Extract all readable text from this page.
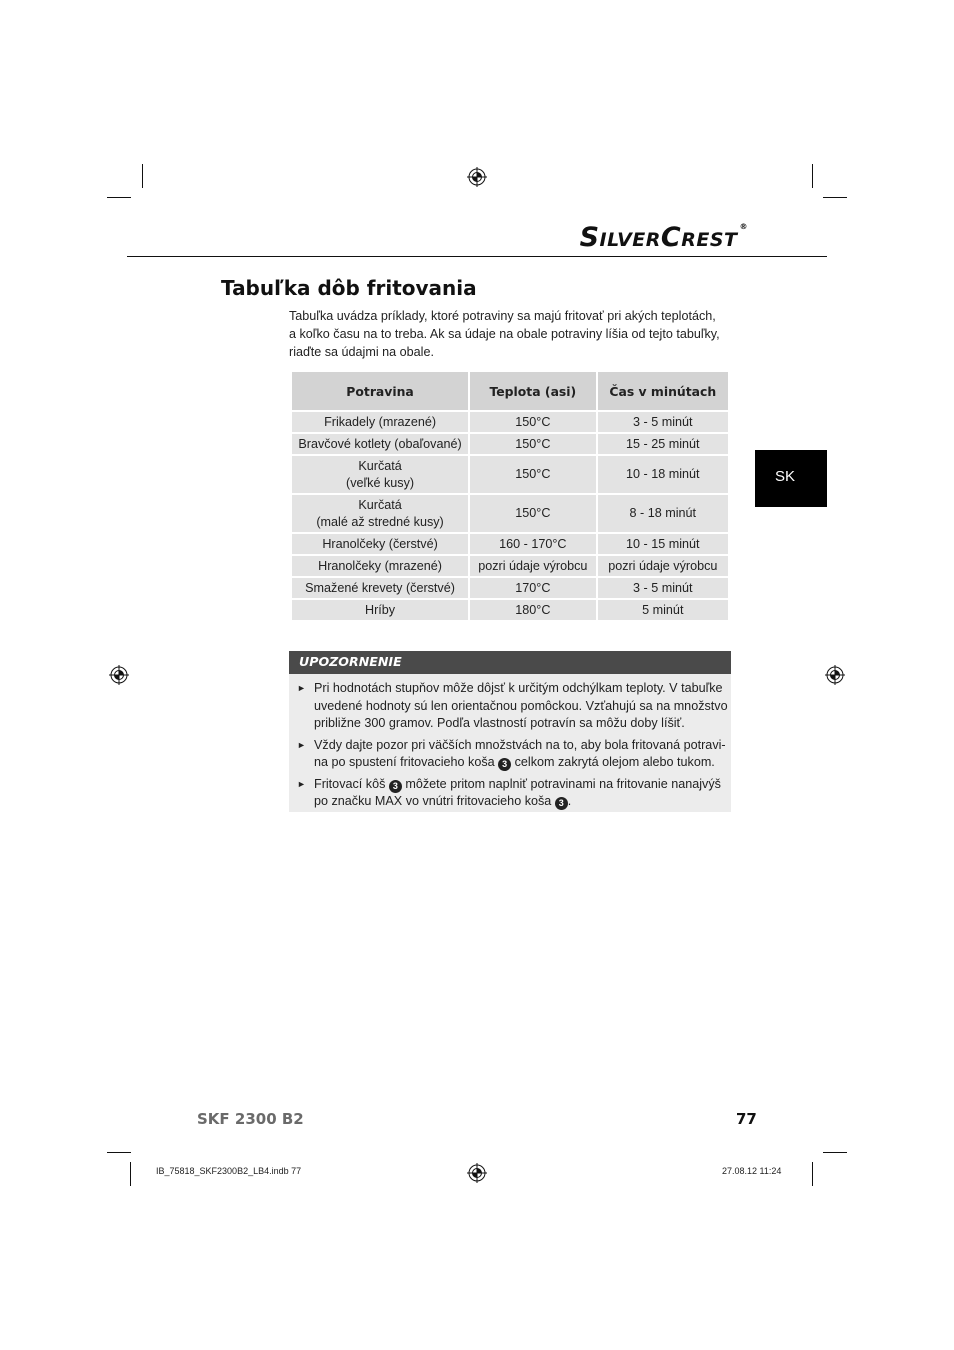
SILVERCREST®
Tabuľka dôb fritovania
Tabuľka uvádza príklady, ktoré potraviny sa majú fritovať pri akých teplotách,
a koľko času na to treba. Ak sa údaje na obale potraviny líšia od tejto tabuľky,
riaďte sa údajmi na obale.
Potravina	Teplota (asi)	Čas v minútach
Frikadely (mrazené)	150°C	3 - 5 minút
Bravčové kotlety (obaľované)	150°C	15 - 25 minút

Kurčatá
(veľké kusy)	150°C	10 - 18 minút

Kurčatá
(malé až stredné kusy)	150°C	8 - 18 minút
Hranolčeky (čerstvé)	160 - 170°C	10 - 15 minút
Hranolčeky (mrazené)	pozri údaje výrobcu	pozri údaje výrobcu
Smažené krevety (čerstvé)	170°C	3 - 5 minút
Hríby	180°C	5 minút
UPOZORNENIE
► Pri hodnotách stupňov môže dôjsť k určitým odchýlkam teploty. V tabuľke
uvedené hodnoty sú len orientačnou pomôckou. Vzťahujú sa na množstvo
približne 300 gramov. Podľa vlastností potravín sa môžu doby líšiť.
► Vždy dajte pozor pri väčších množstvách na to, aby bola fritovaná potravi-
na po spustení fritovacieho koša 3 celkom zakrytá olejom alebo tukom.
► Fritovací kôš 3 môžete pritom naplniť potravinami na fritovanie nanajvýš
po značku MAX vo vnútri fritovacieho koša 3 .
SK
SKF 2300 B2	77
IB_75818_SKF2300B2_LB4.indb 77	27.08.12 11:24
